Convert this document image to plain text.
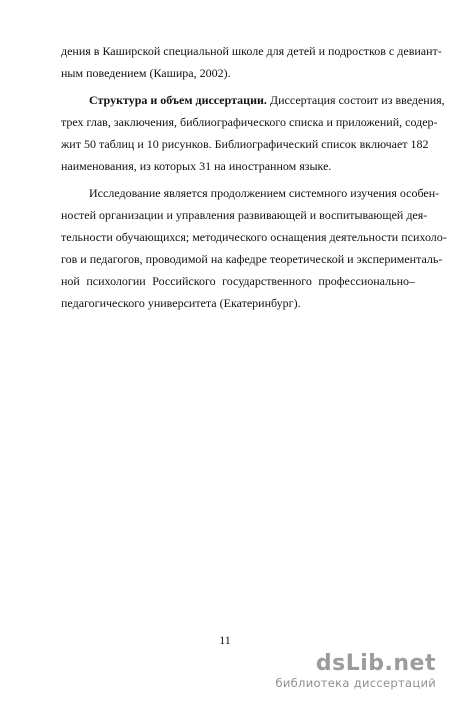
дения в Каширской специальной школе для детей и подростков с девиант-
ным поведением (Кашира, 2002).
Структура и объем диссертации. Диссертация состоит из введения,
трех глав, заключения, библиографического списка и приложений, содер-
жит 50 таблиц и 10 рисунков. Библиографический список включает 182
наименования, из которых 31 на иностранном языке.
Исследование является продолжением системного изучения особен-
ностей организации и управления развивающей и воспитывающей дея-
тельности обучающихся; методического оснащения деятельности психоло-
гов и педагогов, проводимой на кафедре теоретической и эксперименталь-
ной психологии Российского государственного профессионально–
педагогического университета (Екатеринбург).
11
dsLib.net
библиотека диссертаций
